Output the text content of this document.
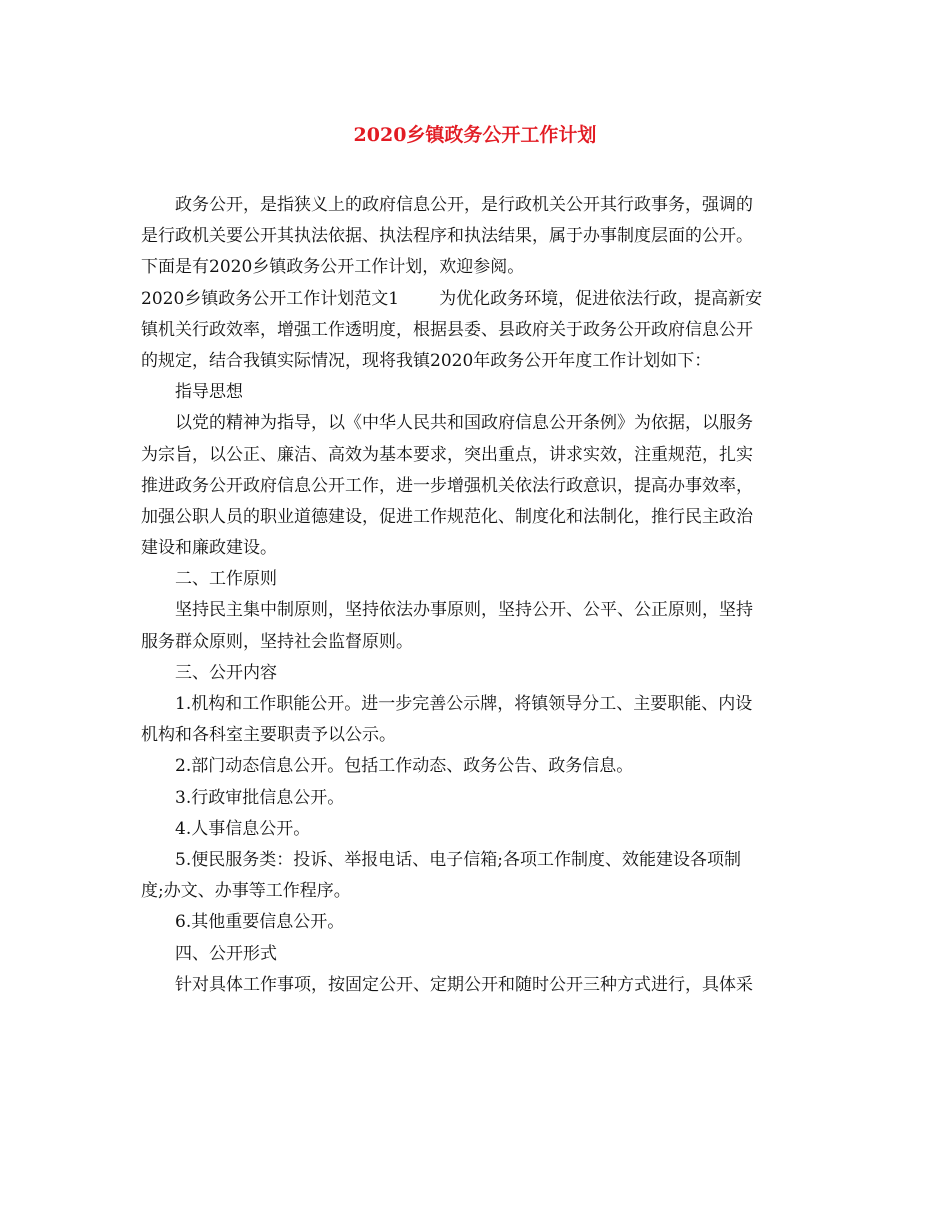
2020乡镇政务公开工作计划
政务公开，是指狭义上的政府信息公开，是行政机关公开其行政事务，强调的
是行政机关要公开其执法依据、执法程序和执法结果，属于办事制度层面的公开。
下面是有2020乡镇政务公开工作计划，欢迎参阅。
2020乡镇政务公开工作计划范文1 为优化政务环境，促进依法行政，提高新安
镇机关行政效率，增强工作透明度，根据县委、县政府关于政务公开政府信息公开
的规定，结合我镇实际情况，现将我镇2020年政务公开年度工作计划如下：
指导思想
以党的精神为指导，以《中华人民共和国政府信息公开条例》为依据，以服务
为宗旨，以公正、廉洁、高效为基本要求，突出重点，讲求实效，注重规范，扎实
推进政务公开政府信息公开工作，进一步增强机关依法行政意识，提高办事效率，
加强公职人员的职业道德建设，促进工作规范化、制度化和法制化，推行民主政治
建设和廉政建设。
二、工作原则
坚持民主集中制原则，坚持依法办事原则，坚持公开、公平、公正原则，坚持
服务群众原则，坚持社会监督原则。
三、公开内容
1.机构和工作职能公开。进一步完善公示牌，将镇领导分工、主要职能、内设
机构和各科室主要职责予以公示。
2.部门动态信息公开。包括工作动态、政务公告、政务信息。
3.行政审批信息公开。
4.人事信息公开。
5.便民服务类：投诉、举报电话、电子信箱;各项工作制度、效能建设各项制
度;办文、办事等工作程序。
6.其他重要信息公开。
四、公开形式
针对具体工作事项，按固定公开、定期公开和随时公开三种方式进行，具体采
